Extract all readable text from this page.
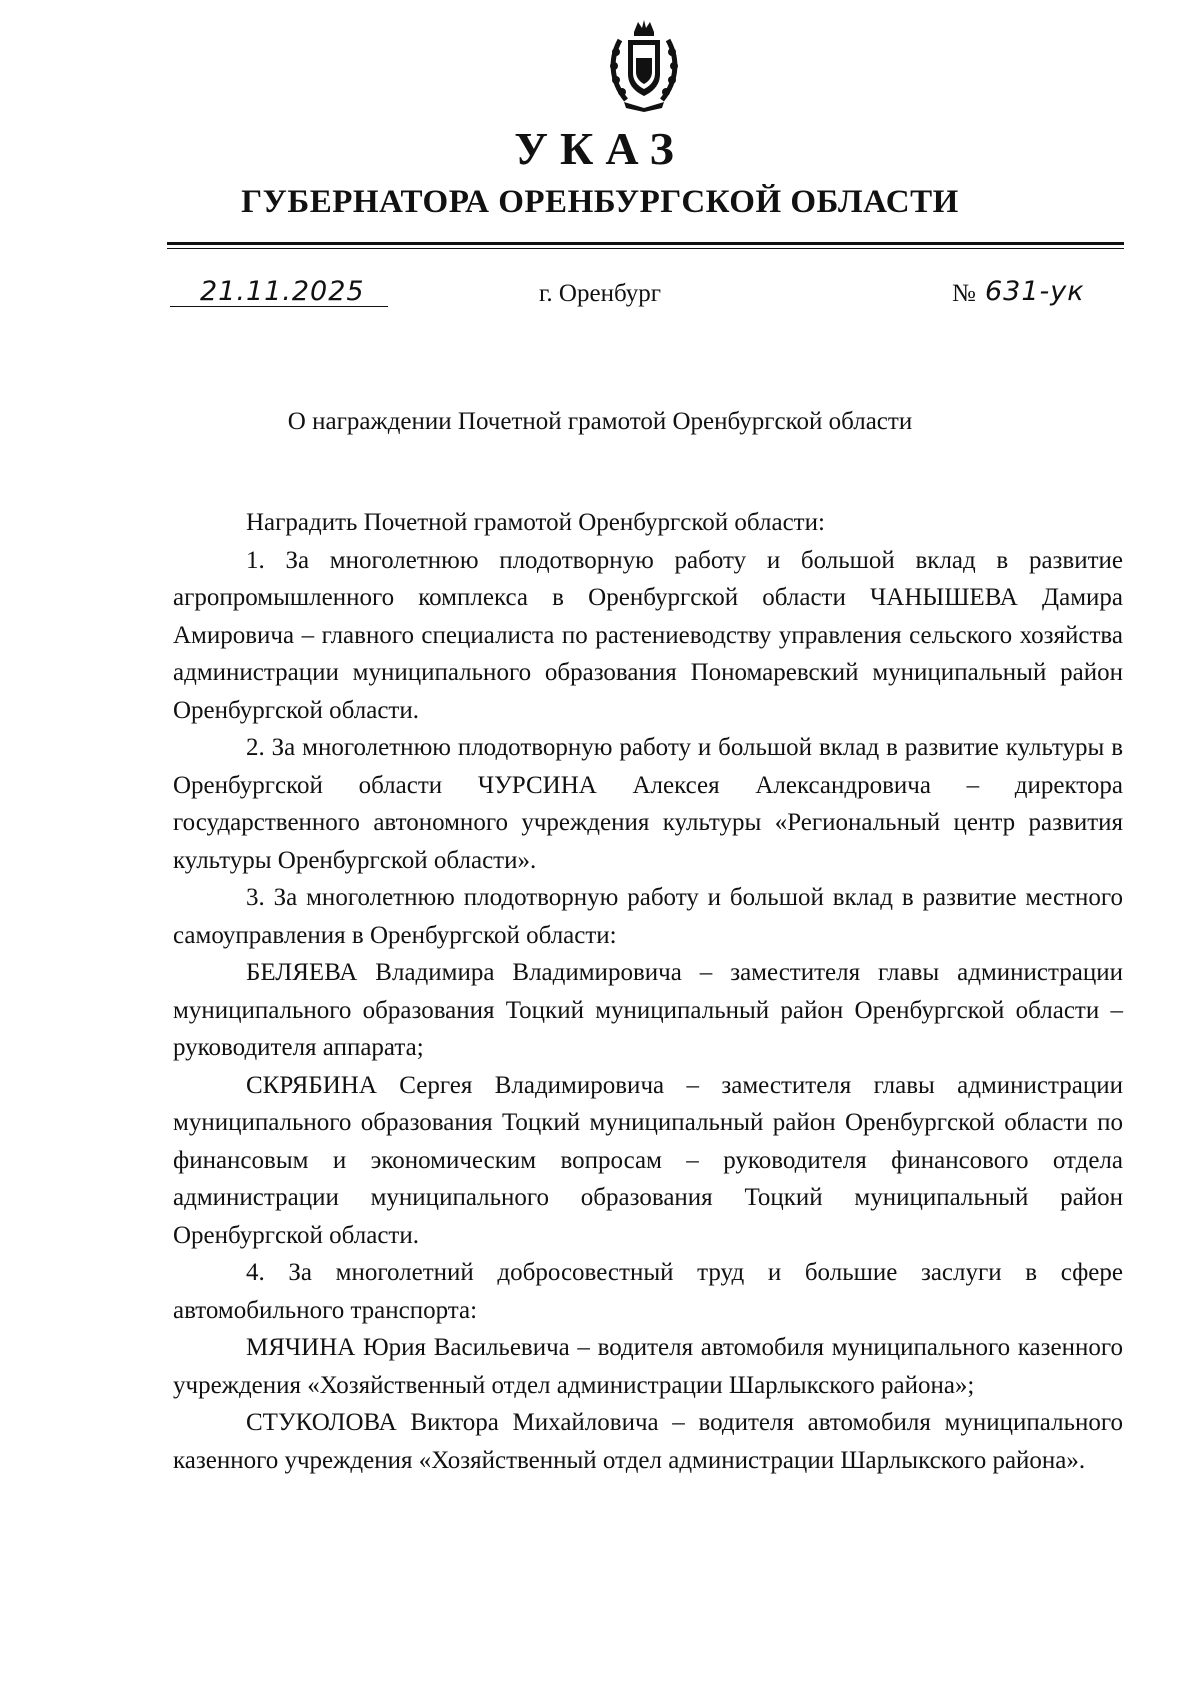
УКАЗ
ГУБЕРНАТОРА ОРЕНБУРГСКОЙ ОБЛАСТИ
21.11.2025	г. Оренбург	№ 631-ук
О награждении Почетной грамотой Оренбургской области

Наградить Почетной грамотой Оренбургской области:

1. За многолетнюю плодотворную работу и большой вклад в развитие агропромышленного комплекса в Оренбургской области ЧАНЫШЕВА Дамира Амировича – главного специалиста по растениеводству управления сельского хозяйства администрации муниципального образования Пономаревский муниципальный район Оренбургской области.

2. За многолетнюю плодотворную работу и большой вклад в развитие культуры в Оренбургской области ЧУРСИНА Алексея Александровича – директора государственного автономного учреждения культуры «Региональный центр развития культуры Оренбургской области».

3. За многолетнюю плодотворную работу и большой вклад в развитие местного самоуправления в Оренбургской области:

БЕЛЯЕВА Владимира Владимировича – заместителя главы администрации муниципального образования Тоцкий муниципальный район Оренбургской области – руководителя аппарата;

СКРЯБИНА Сергея Владимировича – заместителя главы администрации муниципального образования Тоцкий муниципальный район Оренбургской области по финансовым и экономическим вопросам – руководителя финансового отдела администрации муниципального образования Тоцкий муниципальный район Оренбургской области.

4. За многолетний добросовестный труд и большие заслуги в сфере автомобильного транспорта:

МЯЧИНА Юрия Васильевича – водителя автомобиля муниципального казенного учреждения «Хозяйственный отдел администрации Шарлыкского района»;

СТУКОЛОВА Виктора Михайловича – водителя автомобиля муниципального казенного учреждения «Хозяйственный отдел администрации Шарлыкского района».
